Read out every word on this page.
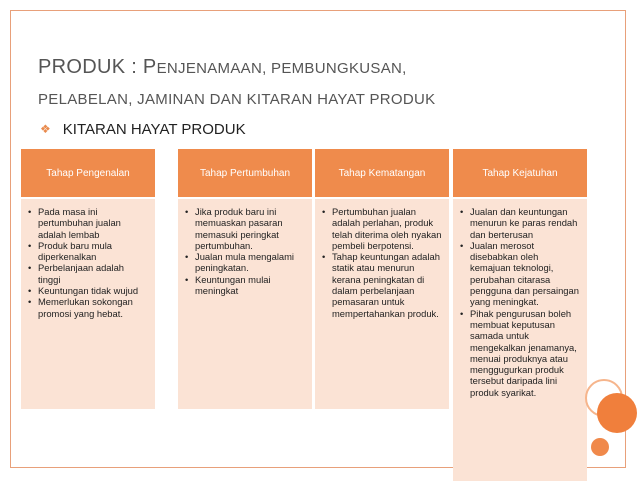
PRODUK : PENJENAMAAN, PEMBUNGKUSAN,
PELABELAN, JAMINAN DAN KITARAN HAYAT PRODUK
❖ KITARAN HAYAT PRODUK
Tahap Pengenalan
• Pada masa ini pertumbuhan jualan adalah lembab
• Produk baru mula diperkenalkan
• Perbelanjaan adalah tinggi
• Keuntungan tidak wujud
• Memerlukan sokongan promosi yang hebat.
Tahap Pertumbuhan
• Jika produk baru ini memuaskan pasaran memasuki peringkat pertumbuhan.
• Jualan mula mengalami peningkatan.
• Keuntungan mulai meningkat
Tahap Kematangan
• Pertumbuhan jualan adalah perlahan, produk telah diterima oleh nyakan pembeli berpotensi.
• Tahap keuntungan adalah statik atau menurun kerana peningkatan di dalam perbelanjaan pemasaran untuk mempertahankan produk.
Tahap Kejatuhan
• Jualan dan keuntungan menurun ke paras rendah dan berterusan
• Jualan merosot disebabkan oleh kemajuan teknologi, perubahan citarasa pengguna dan persaingan yang meningkat.
• Pihak pengurusan boleh membuat keputusan samada untuk mengekalkan jenamanya, menuai produknya atau menggugurkan produk tersebut daripada lini produk syarikat.
